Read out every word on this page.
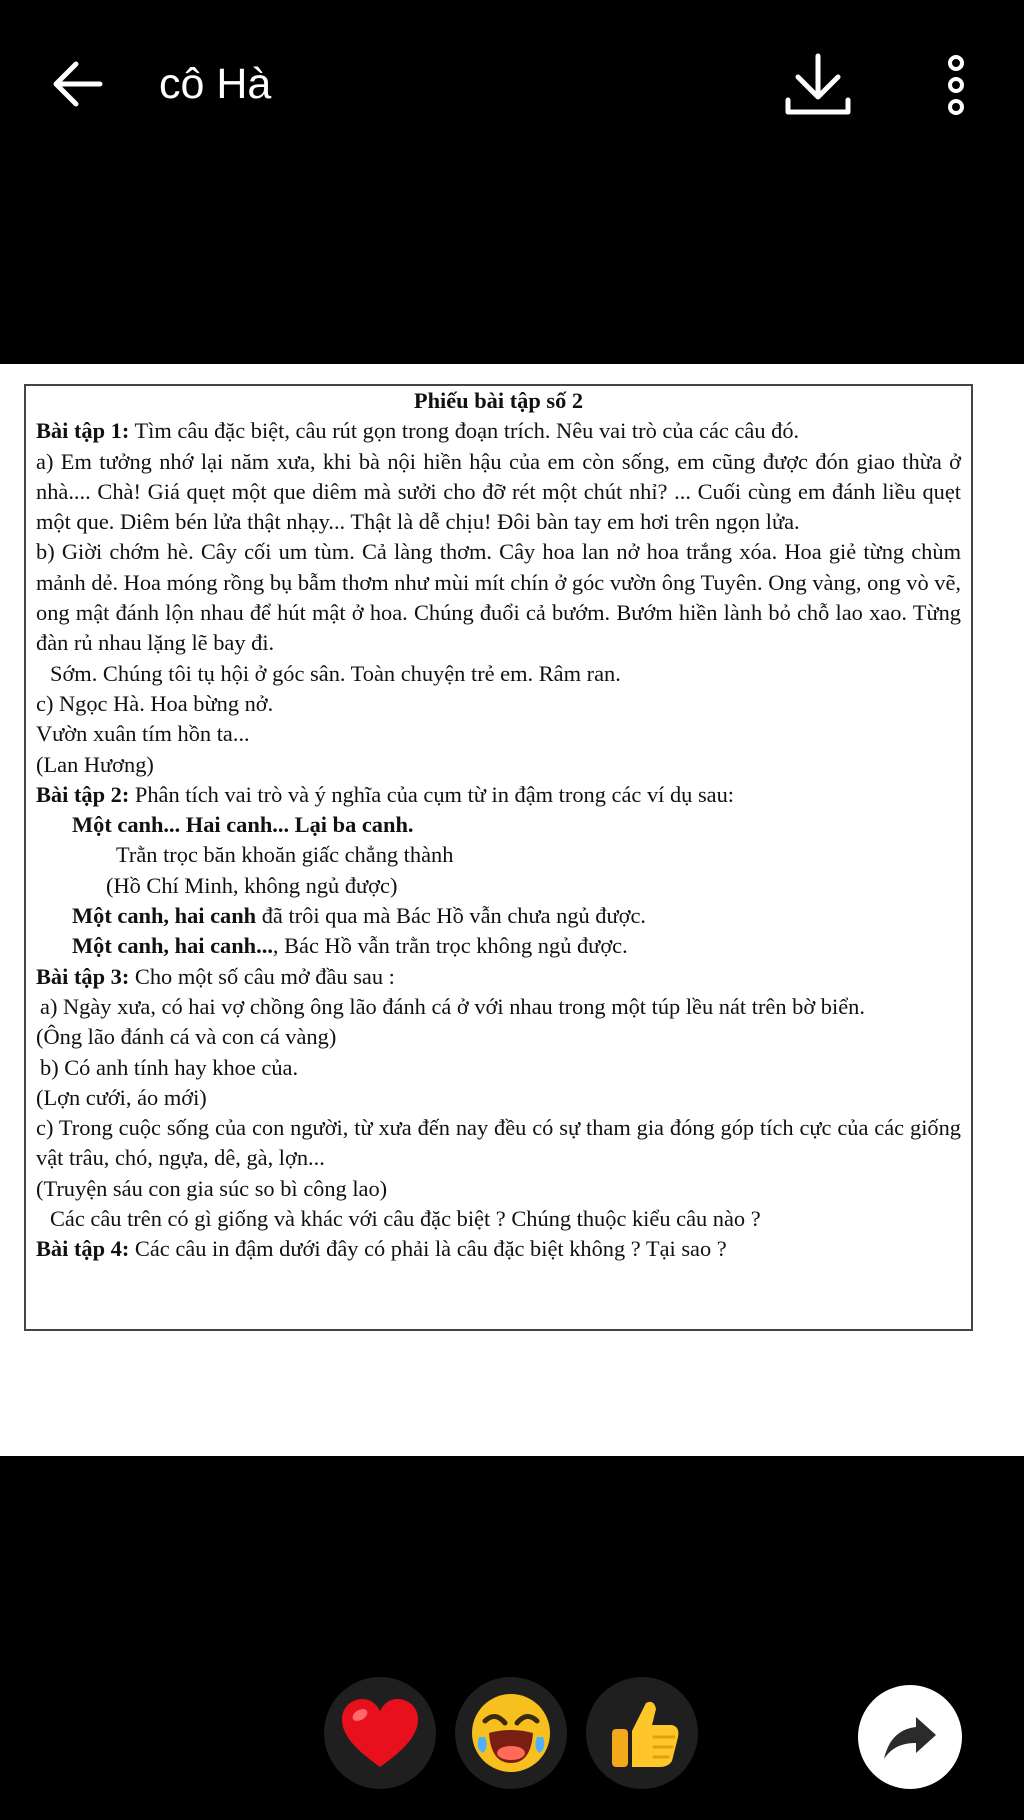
cô Hà

Phiếu bài tập số 2

Bài tập 1: Tìm câu đặc biệt, câu rút gọn trong đoạn trích. Nêu vai trò của các câu đó.

a) Em tưởng nhớ lại năm xưa, khi bà nội hiền hậu của em còn sống, em cũng được đón giao thừa ở nhà.... Chà! Giá quẹt một que diêm mà sưởi cho đỡ rét một chút nhỉ? ... Cuối cùng em đánh liều quẹt một que. Diêm bén lửa thật nhạy... Thật là dễ chịu! Đôi bàn tay em hơi trên ngọn lửa.

b) Giời chớm hè. Cây cối um tùm. Cả làng thơm. Cây hoa lan nở hoa trắng xóa. Hoa giẻ từng chùm mảnh dẻ. Hoa móng rồng bụ bẫm thơm như mùi mít chín ở góc vườn ông Tuyên. Ong vàng, ong vò vẽ, ong mật đánh lộn nhau để hút mật ở hoa. Chúng đuổi cả bướm. Bướm hiền lành bỏ chỗ lao xao. Từng đàn rủ nhau lặng lẽ bay đi.

Sớm. Chúng tôi tụ hội ở góc sân. Toàn chuyện trẻ em. Râm ran.

c) Ngọc Hà. Hoa bừng nở.

Vườn xuân tím hồn ta...

(Lan Hương)

Bài tập 2: Phân tích vai trò và ý nghĩa của cụm từ in đậm trong các ví dụ sau:

Một canh... Hai canh... Lại ba canh.

Trằn trọc băn khoăn giấc chẳng thành

(Hồ Chí Minh, không ngủ được)

Một canh, hai canh đã trôi qua mà Bác Hồ vẫn chưa ngủ được.

Một canh, hai canh..., Bác Hồ vẫn trằn trọc không ngủ được.

Bài tập 3: Cho một số câu mở đầu sau :

a) Ngày xưa, có hai vợ chồng ông lão đánh cá ở với nhau trong một túp lều nát trên bờ biển.

(Ông lão đánh cá và con cá vàng)

b) Có anh tính hay khoe của.

(Lợn cưới, áo mới)

c) Trong cuộc sống của con người, từ xưa đến nay đều có sự tham gia đóng góp tích cực của các giống vật trâu, chó, ngựa, dê, gà, lợn...

(Truyện sáu con gia súc so bì công lao)

Các câu trên có gì giống và khác với câu đặc biệt ? Chúng thuộc kiểu câu nào ?

Bài tập 4: Các câu in đậm dưới đây có phải là câu đặc biệt không ? Tại sao ?
